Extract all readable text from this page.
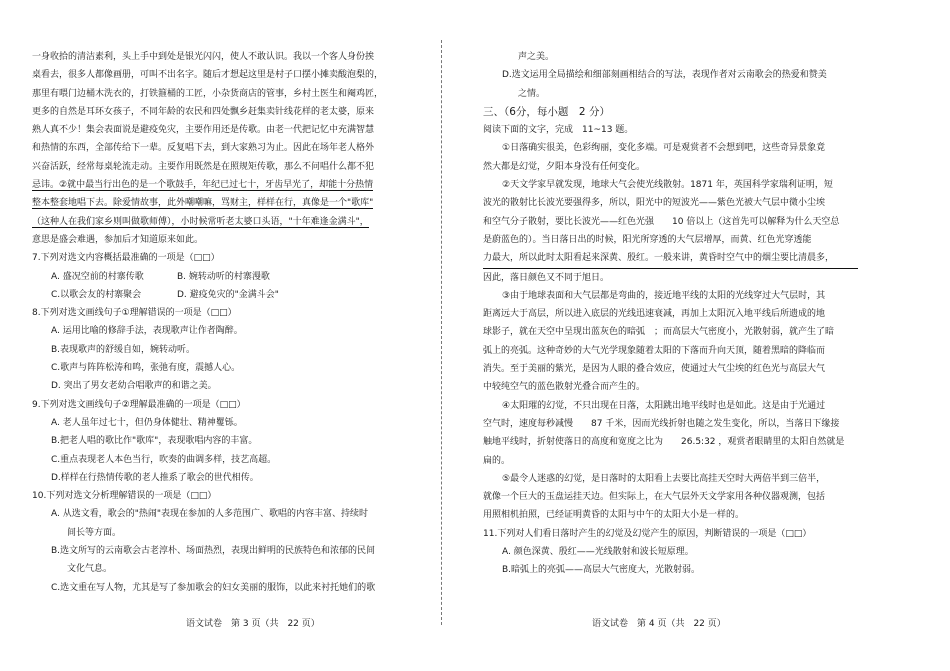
一身收拾的清洁素利，头上手中到处是银光闪闪，使人不敢认识。我以一个客人身份挨
桌看去，很多人都像画册，可叫不出名字。随后才想起这里是村子口摆小摊卖酸泡梨的，
那里有喂门边桶木洗衣的，打铁箍桶的工匠，小杂货商店的管事，乡村土医生和阉鸡匠，
更多的自然是耳环女孩子，不同年龄的农民和四处飘乡赶集卖针线花样的老太婆，原来
熟人真不少！集会表面说是避疫免灾，主要作用还是传歌。由老一代把记忆中充满智慧
和热情的东西，全部传给下一辈。反复唱下去，到大家熟习为止。因此在场年老人格外
兴奋活跃，经常每桌轮流走动。主要作用既然是在照规矩传歌，那么不问唱什么都不犯
忌讳。②就中最当行出色的是一个歌鼓手，年纪已过七十，牙齿早光了，却能十分热情
整本整套地唱下去。除爱情故事，此外嘲嘲嘛，骂财主，样样在行，真像是一个"歌库"
（这种人在我们家乡则叫做歌师傅），小时候常听老太婆口头语，"十年难逢金满斗"，
意思是盛会难遇，参加后才知道原来如此。
7.下列对选文内容概括最准确的一项是（□□）
A. 盛况空前的村寨传歌	B. 婉转动听的村寨漫歌
C.以歌会友的村寨聚会	D. 避疫免灾的"金满斗会"
8.下列对选文画线句子①理解错误的一项是（□□）
A. 运用比喻的修辞手法，表现歌声让作者陶醉。
B.表现歌声的舒缓自如，婉转动听。
C.歌声与阵阵松涛和鸣，张弛有度，震撼人心。
D. 突出了男女老幼合唱歌声的和谐之美。
9.下列对选文画线句子②理解最准确的一项是（□□）
A. 老人虽年过七十，但仍身体健壮、精神矍铄。
B.把老人唱的歌比作"歌库"，表现歌唱内容的丰富。
C.重点表现老人本色当行，吹奏的曲调多样，技艺高超。
D.样样在行热情传歌的老人推系了歌会的世代相传。
10.下列对选文分析理解错误的一项是（□□）
A. 从选文看，歌会的"热闹"表现在参加的人多范围广、歌唱的内容丰富、持续时
间长等方面。
B.选文所写的云南歌会古老淳朴、场面热烈，表现出鲜明的民族特色和浓郁的民间
文化气息。
C.选文重在写人物，尤其是写了参加歌会的妇女美丽的服饰，以此来衬托她们的歌
声之美。
D.选文运用全局描绘和细部刻画相结合的写法，表现作者对云南歌会的热爱和赞美
之情。
三、（6分，每小题　2 分）
阅读下面的文字，完成　11~13 题。
①日落确实很美，色彩绚丽，变化多端。可是观赏者不会想到吧，这些奇异景象竟
然大都是幻觉，夕阳本身没有任何变化。
②天文学家早就发现，地球大气会使光线散射。1871 年，英国科学家瑞利证明，短
波光的散射比长波光要强得多，所以，阳光中的短波光——紫色光被大气层中微小尘埃
和空气分子散射，要比长波光——红色光强　　10 倍以上（这首先可以解释为什么天空总
是蔚蓝色的）。当日落日出的时候，阳光所穿透的大气层增厚，而黄、红色光穿透能
力最大，所以此时太阳看起来深黄、殷红。一般来讲，黄昏时空气中的烟尘要比清晨多，
因此，落日颜色又不同于旭日。
③由于地球表面和大气层都是弯曲的，接近地平线的太阳的光线穿过大气层时，其
距离远大于高层，所以进入底层的光线迅速衰减，再加上太阳沉入地平线后所遗成的地
球影子，就在天空中呈现出蓝灰色的暗弧　；而高层大气密度小，光散射弱，就产生了暗
弧上的亮弧。这种奇妙的大气光学现象随着太阳的下落而升向天顶，随着黑暗的降临而
消失。至于美丽的紫光，是因为人眼的叠合效应，使通过大气尘埃的红色光与高层大气
中较纯空气的蓝色散射光叠合而产生的。
④太阳璀的幻觉，不只出现在日落，太阳跳出地平线时也是如此。这是由于光通过
空气时，速度每秒减慢　　87 千米，因而光线折射也随之发生变化，所以，当落日下缘接
触地平线时，折射使落日的高度和宽度之比为　　26.5:32 ，观赏者眼睛里的太阳自然就是
扁的。
⑤最令人迷惑的幻觉，是日落时的太阳看上去要比高挂天空时大两倍半到三倍半，
就像一个巨大的玉盘运挂天边。但实际上，在大气层外天文学家用各种仪器观测，包括
用照相机拍照，已经证明黄昏的太阳与中午的太阳大小是一样的。
11.下列对人们看日落时产生的幻觉及幻觉产生的原因，判断错误的一项是（□□）
A. 颜色深黄、殷红——光线散射和波长短原理。
B.暗弧上的亮弧——高层大气密度大，光散射弱。
语文试卷　第 3 页（共　22 页）	语文试卷　第 4 页（共　22 页）
